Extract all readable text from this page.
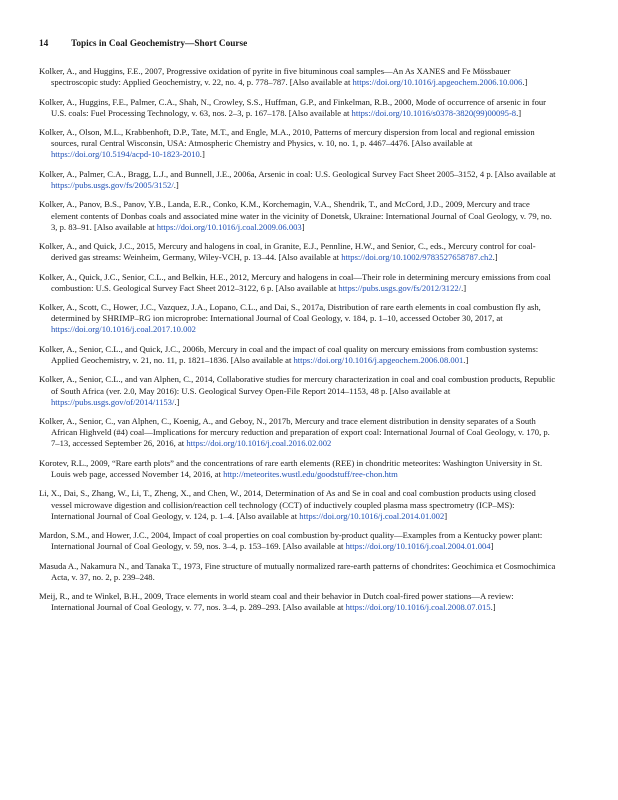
14	Topics in Coal Geochemistry—Short Course
Kolker, A., and Huggins, F.E., 2007, Progressive oxidation of pyrite in five bituminous coal samples—An As XANES and Fe Mössbauer spectroscopic study: Applied Geochemistry, v. 22, no. 4, p. 778–787. [Also available at https://doi.org/10.1016/j.apgeochem.2006.10.006.]
Kolker, A., Huggins, F.E., Palmer, C.A., Shah, N., Crowley, S.S., Huffman, G.P., and Finkelman, R.B., 2000, Mode of occurrence of arsenic in four U.S. coals: Fuel Processing Technology, v. 63, nos. 2–3, p. 167–178. [Also available at https://doi.org/10.1016/s0378-3820(99)00095-8.]
Kolker, A., Olson, M.L., Krabbenhoft, D.P., Tate, M.T., and Engle, M.A., 2010, Patterns of mercury dispersion from local and regional emission sources, rural Central Wisconsin, USA: Atmospheric Chemistry and Physics, v. 10, no. 1, p. 4467–4476. [Also available at https://doi.org/10.5194/acpd-10-1823-2010.]
Kolker, A., Palmer, C.A., Bragg, L.J., and Bunnell, J.E., 2006a, Arsenic in coal: U.S. Geological Survey Fact Sheet 2005–3152, 4 p. [Also available at https://pubs.usgs.gov/fs/2005/3152/.]
Kolker, A., Panov, B.S., Panov, Y.B., Landa, E.R., Conko, K.M., Korchemagin, V.A., Shendrik, T., and McCord, J.D., 2009, Mercury and trace element contents of Donbas coals and associated mine water in the vicinity of Donetsk, Ukraine: International Journal of Coal Geology, v. 79, no. 3, p. 83–91. [Also available at https://doi.org/10.1016/j.coal.2009.06.003]
Kolker, A., and Quick, J.C., 2015, Mercury and halogens in coal, in Granite, E.J., Pennline, H.W., and Senior, C., eds., Mercury control for coal-derived gas streams: Weinheim, Germany, Wiley-VCH, p. 13–44. [Also available at https://doi.org/10.1002/9783527658787.ch2.]
Kolker, A., Quick, J.C., Senior, C.L., and Belkin, H.E., 2012, Mercury and halogens in coal—Their role in determining mercury emissions from coal combustion: U.S. Geological Survey Fact Sheet 2012–3122, 6 p. [Also available at https://pubs.usgs.gov/fs/2012/3122/.]
Kolker, A., Scott, C., Hower, J.C., Vazquez, J.A., Lopano, C.L., and Dai, S., 2017a, Distribution of rare earth elements in coal combustion fly ash, determined by SHRIMP–RG ion microprobe: International Journal of Coal Geology, v. 184, p. 1–10, accessed October 30, 2017, at https://doi.org/10.1016/j.coal.2017.10.002
Kolker, A., Senior, C.L., and Quick, J.C., 2006b, Mercury in coal and the impact of coal quality on mercury emissions from combustion systems: Applied Geochemistry, v. 21, no. 11, p. 1821–1836. [Also available at https://doi.org/10.1016/j.apgeochem.2006.08.001.]
Kolker, A., Senior, C.L., and van Alphen, C., 2014, Collaborative studies for mercury characterization in coal and coal combustion products, Republic of South Africa (ver. 2.0, May 2016): U.S. Geological Survey Open-File Report 2014–1153, 48 p. [Also available at https://pubs.usgs.gov/of/2014/1153/.]
Kolker, A., Senior, C., van Alphen, C., Koenig, A., and Geboy, N., 2017b, Mercury and trace element distribution in density separates of a South African Highveld (#4) coal—Implications for mercury reduction and preparation of export coal: International Journal of Coal Geology, v. 170, p. 7–13, accessed September 26, 2016, at https://doi.org/10.1016/j.coal.2016.02.002
Korotev, R.L., 2009, “Rare earth plots” and the concentrations of rare earth elements (REE) in chondritic meteorites: Washington University in St. Louis web page, accessed November 14, 2016, at http://meteorites.wustl.edu/goodstuff/ree-chon.htm
Li, X., Dai, S., Zhang, W., Li, T., Zheng, X., and Chen, W., 2014, Determination of As and Se in coal and coal combustion products using closed vessel microwave digestion and collision/reaction cell technology (CCT) of inductively coupled plasma mass spectrometry (ICP–MS): International Journal of Coal Geology, v. 124, p. 1–4. [Also available at https://doi.org/10.1016/j.coal.2014.01.002]
Mardon, S.M., and Hower, J.C., 2004, Impact of coal properties on coal combustion by-product quality—Examples from a Kentucky power plant: International Journal of Coal Geology, v. 59, nos. 3–4, p. 153–169. [Also available at https://doi.org/10.1016/j.coal.2004.01.004]
Masuda A., Nakamura N., and Tanaka T., 1973, Fine structure of mutually normalized rare-earth patterns of chondrites: Geochimica et Cosmochimica Acta, v. 37, no. 2, p. 239–248.
Meij, R., and te Winkel, B.H., 2009, Trace elements in world steam coal and their behavior in Dutch coal-fired power stations—A review: International Journal of Coal Geology, v. 77, nos. 3–4, p. 289–293. [Also available at https://doi.org/10.1016/j.coal.2008.07.015.]
